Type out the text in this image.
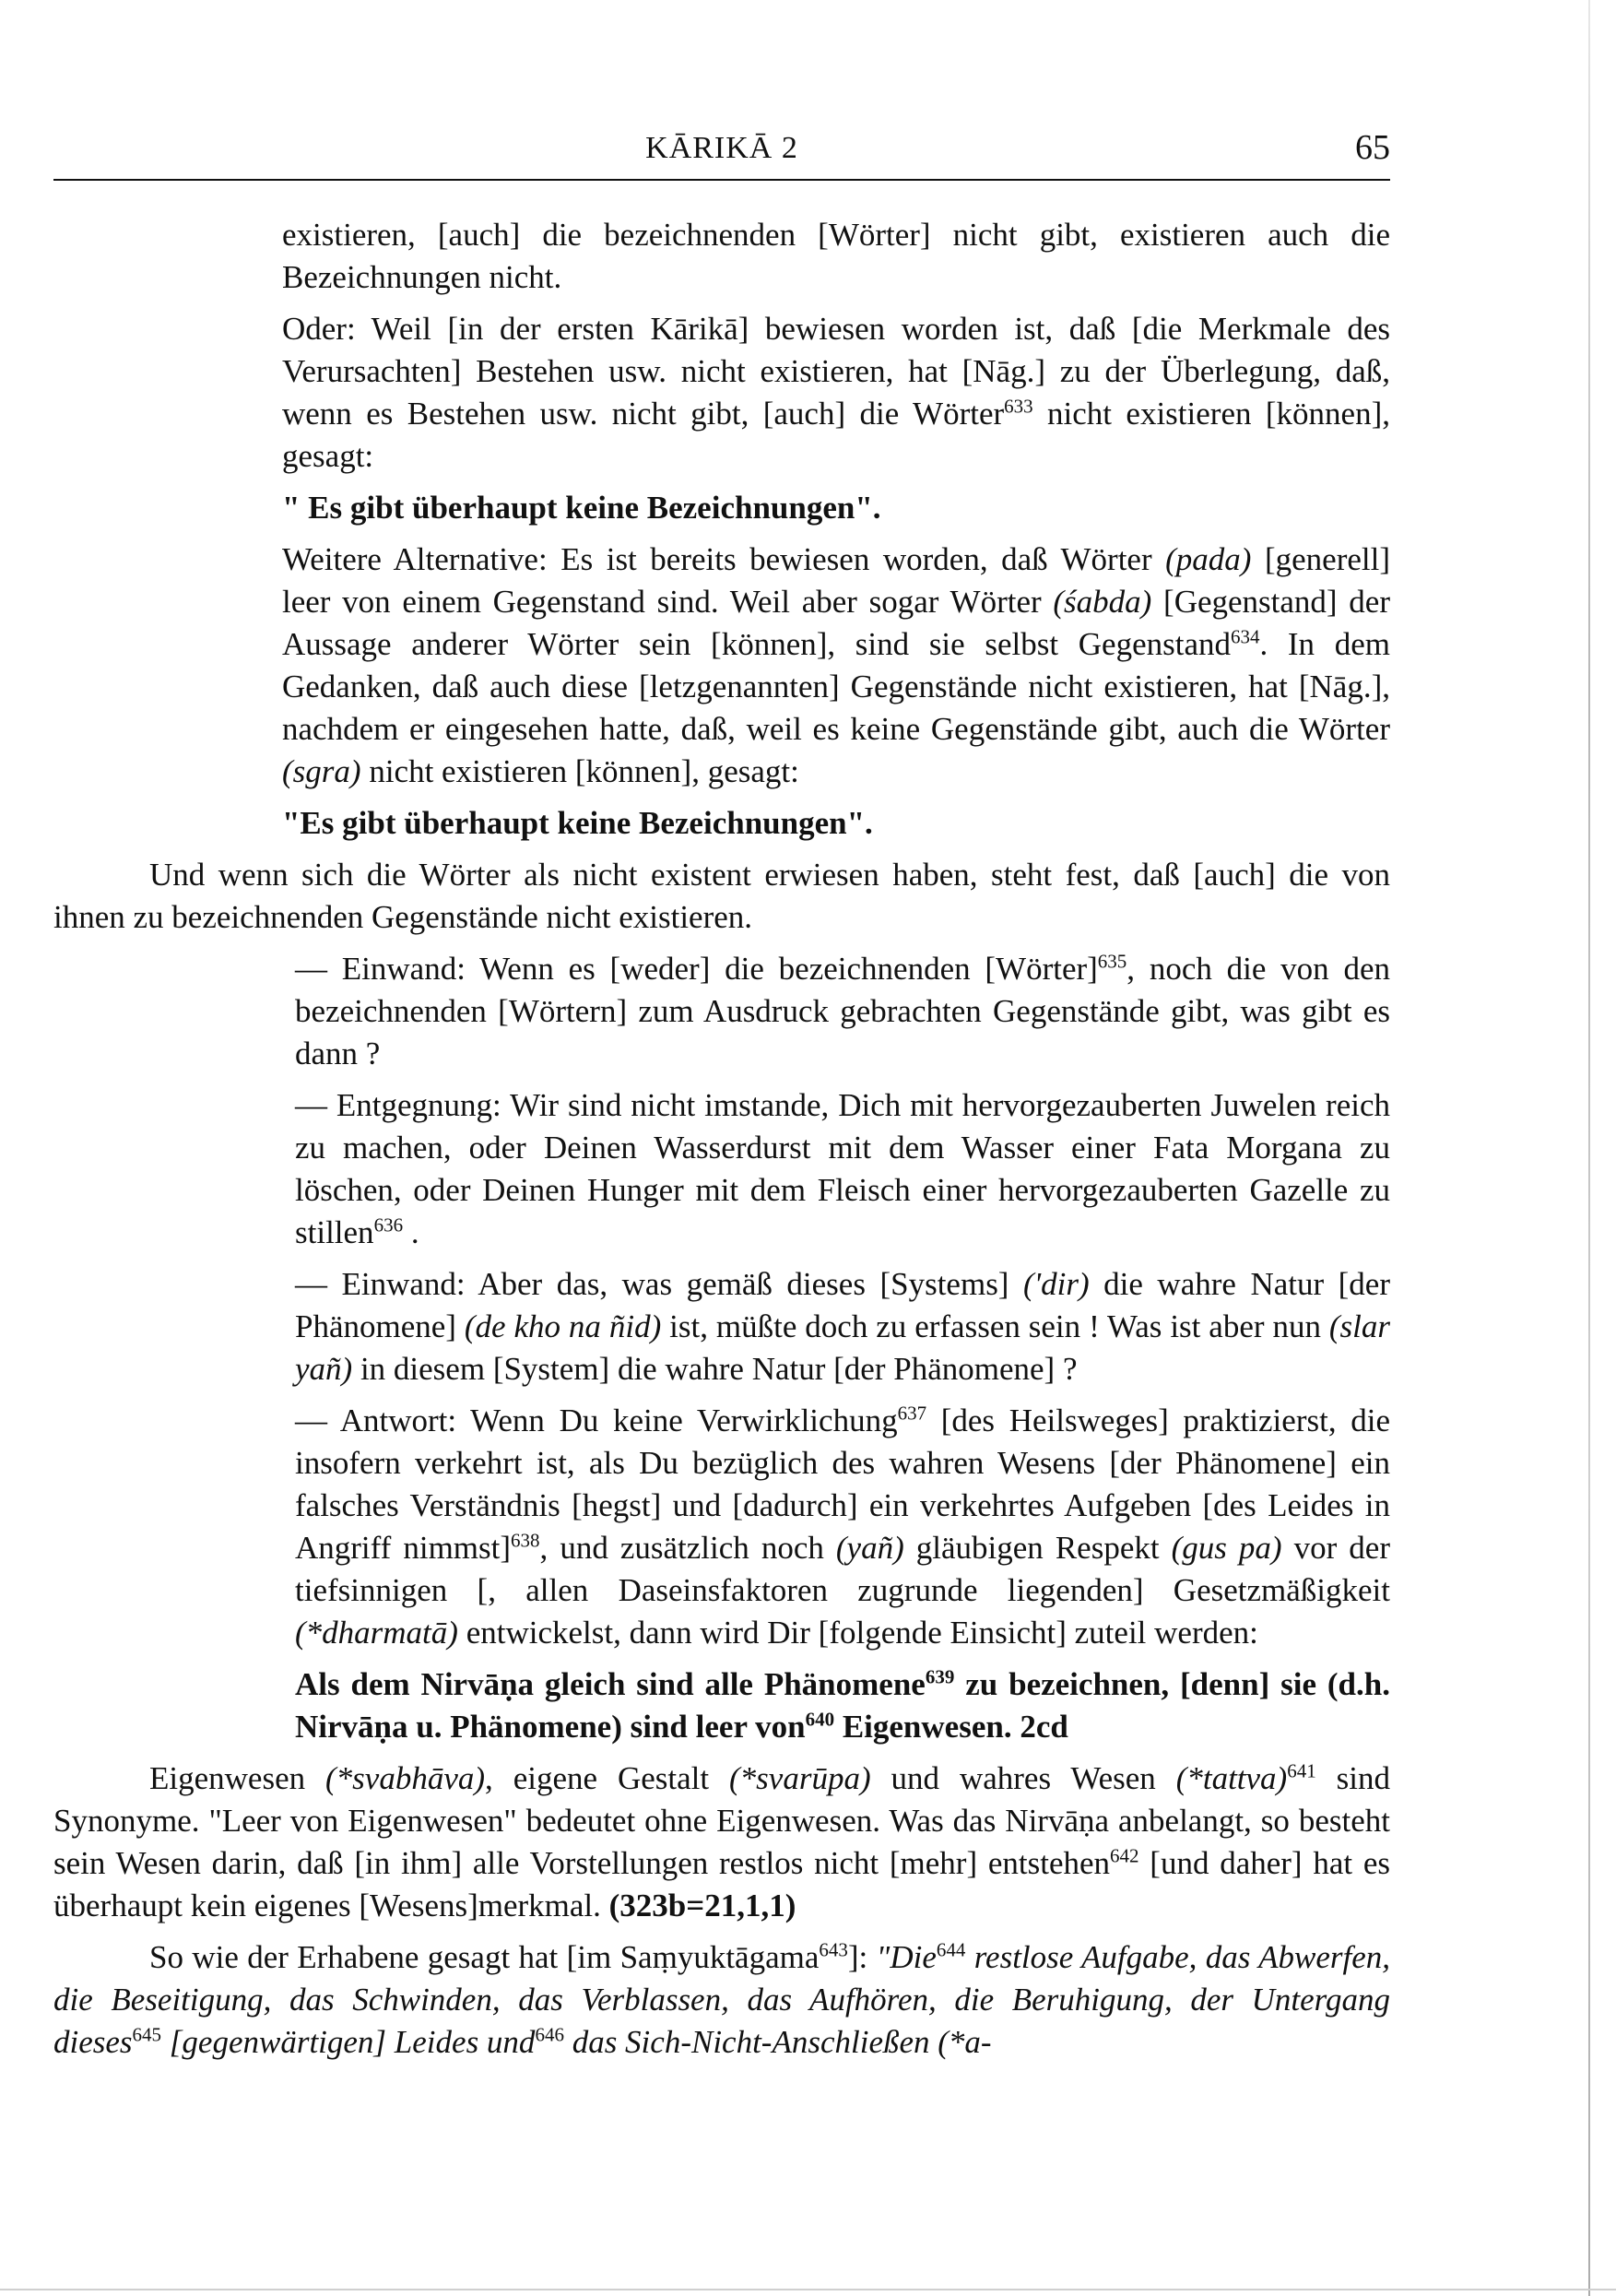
KĀRIKĀ 2	65

existieren, [auch] die bezeichnenden [Wörter] nicht gibt, existieren auch die Bezeichnungen nicht.

Oder: Weil [in der ersten Kārikā] bewiesen worden ist, daß [die Merkmale des Verursachten] Bestehen usw. nicht existieren, hat [Nāg.] zu der Überlegung, daß, wenn es Bestehen usw. nicht gibt, [auch] die Wörter$^{633}$ nicht existieren [können], gesagt:

" Es gibt überhaupt keine Bezeichnungen".

Weitere Alternative: Es ist bereits bewiesen worden, daß Wörter (pada) [generell] leer von einem Gegenstand sind. Weil aber sogar Wörter (śabda) [Gegenstand] der Aussage anderer Wörter sein [können], sind sie selbst Gegenstand$^{634}$. In dem Gedanken, daß auch diese [letzgenannten] Gegenstände nicht existieren, hat [Nāg.], nachdem er eingesehen hatte, daß, weil es keine Gegenstände gibt, auch die Wörter (sgra) nicht existieren [können], gesagt:

"Es gibt überhaupt keine Bezeichnungen".

Und wenn sich die Wörter als nicht existent erwiesen haben, steht fest, daß [auch] die von ihnen zu bezeichnenden Gegenstände nicht existieren.

— Einwand: Wenn es [weder] die bezeichnenden [Wörter]$^{635}$, noch die von den bezeichnenden [Wörtern] zum Ausdruck gebrachten Gegenstände gibt, was gibt es dann ?

— Entgegnung: Wir sind nicht imstande, Dich mit hervorgezauberten Juwelen reich zu machen, oder Deinen Wasserdurst mit dem Wasser einer Fata Morgana zu löschen, oder Deinen Hunger mit dem Fleisch einer hervorgezauberten Gazelle zu stillen$^{636}$ .

— Einwand: Aber das, was gemäß dieses [Systems] ('dir) die wahre Natur [der Phänomene] (de kho na ñid) ist, müßte doch zu erfassen sein ! Was ist aber nun (slar yañ) in diesem [System] die wahre Natur [der Phänomene] ?

— Antwort: Wenn Du keine Verwirklichung$^{637}$ [des Heilsweges] praktizierst, die insofern verkehrt ist, als Du bezüglich des wahren Wesens [der Phänomene] ein falsches Verständnis [hegst] und [dadurch] ein verkehrtes Aufgeben [des Leides in Angriff nimmst]$^{638}$, und zusätzlich noch (yañ) gläubigen Respekt (gus pa) vor der tiefsinnigen [, allen Daseinsfaktoren zugrunde liegenden] Gesetzmäßigkeit (*dharmatā) entwickelst, dann wird Dir [folgende Einsicht] zuteil werden:

Als dem Nirvāṇa gleich sind alle Phänomene$^{639}$ zu bezeichnen, [denn] sie (d.h. Nirvāṇa u. Phänomene) sind leer von$^{640}$ Eigenwesen. 2cd

Eigenwesen (*svabhāva), eigene Gestalt (*svarūpa) und wahres Wesen (*tattva)$^{641}$ sind Synonyme. "Leer von Eigenwesen" bedeutet ohne Eigenwesen. Was das Nirvāṇa anbelangt, so besteht sein Wesen darin, daß [in ihm] alle Vorstellungen restlos nicht [mehr] entstehen$^{642}$ [und daher] hat es überhaupt kein eigenes [Wesens]merkmal. (323b=21,1,1)

So wie der Erhabene gesagt hat [im Saṃyuktāgama$^{643}$]: "Die$^{644}$ restlose Aufgabe, das Abwerfen, die Beseitigung, das Schwinden, das Verblassen, das Aufhören, die Beruhigung, der Untergang dieses$^{645}$ [gegenwärtigen] Leides und$^{646}$ das Sich-Nicht-Anschließen (*a-
